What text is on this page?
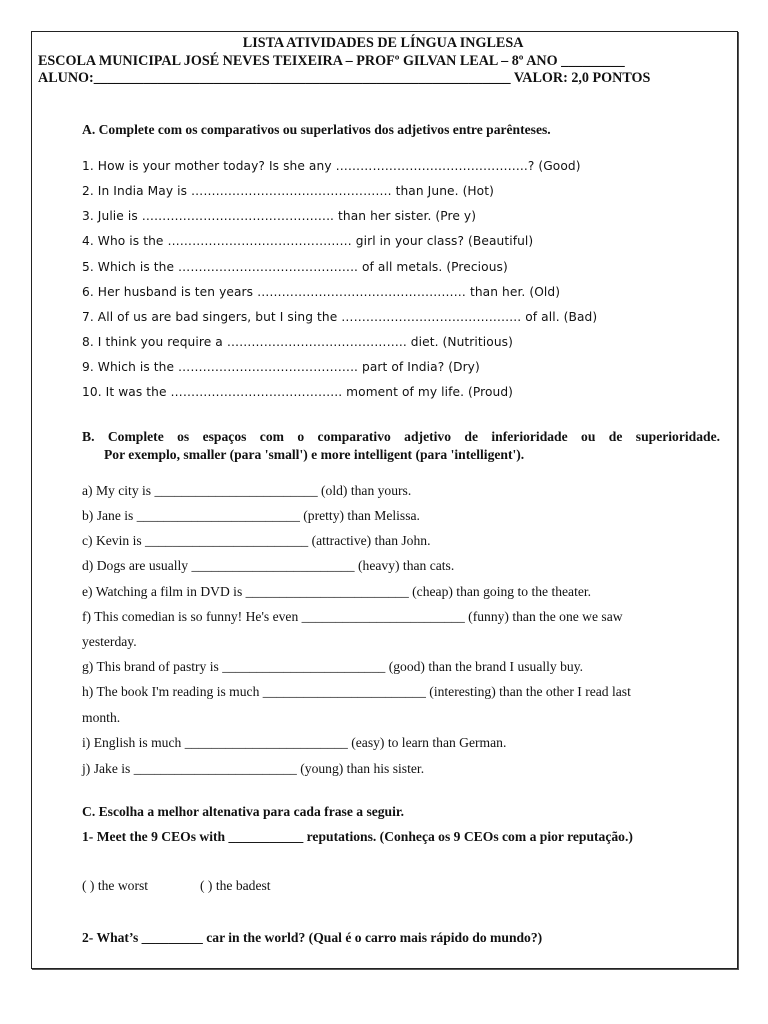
LISTA ATIVIDADES DE LÍNGUA INGLESA
ESCOLA MUNICIPAL JOSÉ NEVES TEIXEIRA – PROFº GILVAN LEAL – 8º ANO _________
ALUNO:___________________________________________________________ VALOR: 2,0 PONTOS
A. Complete com os comparativos ou superlativos dos adjetivos entre parênteses.
1. How is your mother today? Is she any ………………………………………..? (Good)
2. In India May is …………………………………………. than June. (Hot)
3. Julie is ……………………………………….. than her sister. (Pre y)
4. Who is the ……………………………………… girl in your class? (Beautiful)
5. Which is the …………………………………….. of all metals. (Precious)
6. Her husband is ten years …………………………………………… than her. (Old)
7. All of us are bad singers, but I sing the …………………………………….. of all. (Bad)
8. I think you require a …………………………………….. diet. (Nutritious)
9. Which is the …………………………………….. part of India? (Dry)
10. It was the …………………………………... moment of my life. (Proud)
B. Complete os espaços com o comparativo adjetivo de inferioridade ou de superioridade.
Por exemplo, smaller (para 'small') e more intelligent (para 'intelligent').
a) My city is ________________________ (old) than yours.
b) Jane is ________________________ (pretty) than Melissa.
c) Kevin is ________________________ (attractive) than John.
d) Dogs are usually ________________________ (heavy) than cats.
e) Watching a film in DVD is ________________________ (cheap) than going to the theater.
f) This comedian is so funny! He's even ________________________ (funny) than the one we saw
yesterday.
g) This brand of pastry is ________________________ (good) than the brand I usually buy.
h) The book I'm reading is much ________________________ (interesting) than the other I read last
month.
i) English is much ________________________ (easy) to learn than German.
j) Jake is ________________________ (young) than his sister.
C. Escolha a melhor altenativa para cada frase a seguir.
1- Meet the 9 CEOs with ___________ reputations. (Conheça os 9 CEOs com a pior reputação.)
( ) the worst	( ) the badest
2- What’s _________ car in the world? (Qual é o carro mais rápido do mundo?)
